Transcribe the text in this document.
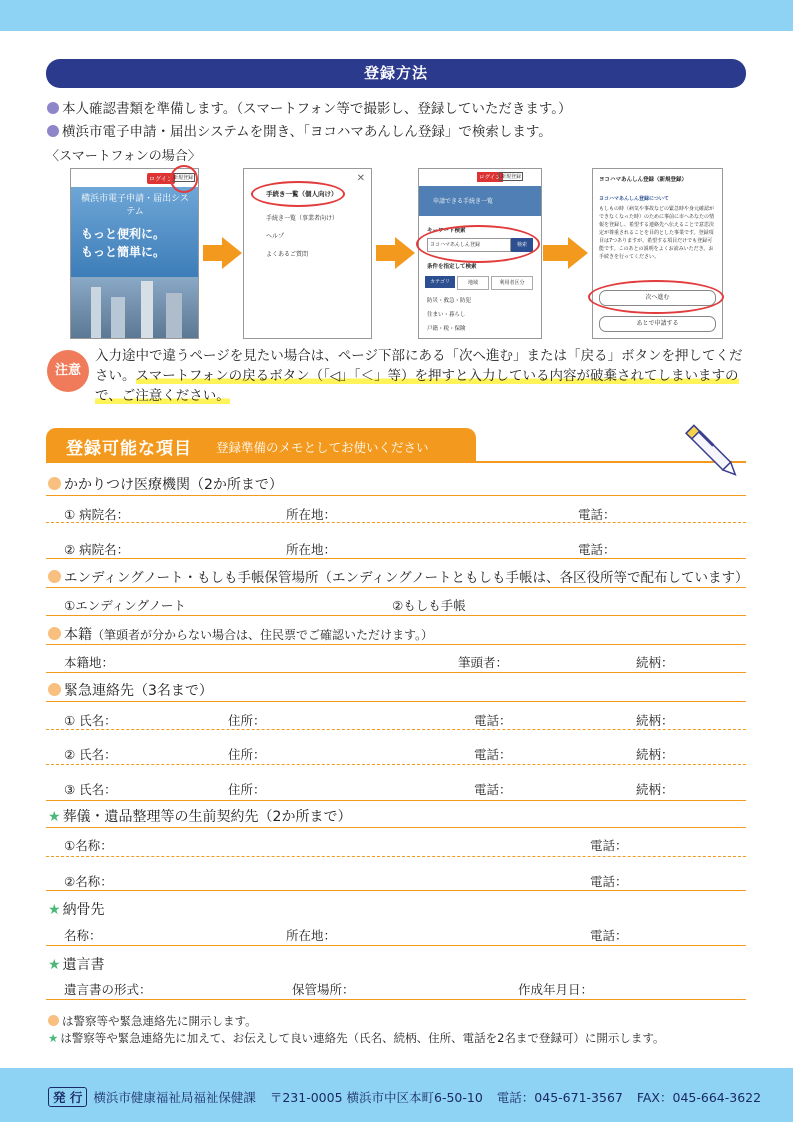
登録方法
本人確認書類を準備します。（スマートフォン等で撮影し、登録していただきます。）
横浜市電子申請・届出システムを開き、「ヨコハマあんしん登録」で検索します。
〈スマートフォンの場合〉
ログイン 新規登録
横浜市電子申請・届出システム
もっと便利に。
もっと簡単に。
✕
手続き一覧（個人向け）
手続き一覧（事業者向け）
ヘルプ
よくあるご質問
ログイン 新規登録
申請できる手続き一覧
キーワード検索
ヨコハマあんしん登録	検索
条件を指定して検索
カテゴリ	地域	利用者区分
防災・救急・防犯
住まい・暮らし
戸籍・税・保険
ヨコハマあんしん登録（新規登録）
ヨコハマあんしん登録について
もしもの時（病気や事故などの緊急時や身元確認ができなくなった時）のために事前に市へあなたの情報を登録し、希望する連絡先へ伝えることで意思決定が尊重されることを目的とした事業です。登録項目は7つありますが、希望する項目だけでも登録可能です。このあとの説明をよくお読みいただき、お手続きを行ってください。
次へ進む
あとで申請する
注意
入力途中で違うページを見たい場合は、ページ下部にある「次へ進む」または「戻る」ボタンを押してください。スマートフォンの戻るボタン（「◁」「＜」等）を押すと入力している内容が破棄されてしまいますので、ご注意ください。
登録可能な項目 登録準備のメモとしてお使いください
かかりつけ医療機関（2か所まで）
① 病院名：	所在地：	電話：
② 病院名：	所在地：	電話：
エンディングノート・もしも手帳保管場所（エンディングノートともしも手帳は、各区役所等で配布しています）
①エンディングノート	②もしも手帳
本籍（筆頭者が分からない場合は、住民票でご確認いただけます。）
本籍地：	筆頭者：	続柄：
緊急連絡先（3名まで）
① 氏名：	住所：	電話：	続柄：
② 氏名：	住所：	電話：	続柄：
③ 氏名：	住所：	電話：	続柄：
★ 葬儀・遺品整理等の生前契約先（2か所まで）
①名称：	電話：
②名称：	電話：
★ 納骨先
名称：	所在地：	電話：
★ 遺言書
遺言書の形式：	保管場所：	作成年月日：
は警察等や緊急連絡先に開示します。
★ は警察等や緊急連絡先に加えて、お伝えして良い連絡先（氏名、続柄、住所、電話を2名まで登録可）に開示します。
発 行 横浜市健康福祉局福祉保健課 〒231-0005 横浜市中区本町6-50-10 電話：045-671-3567 FAX：045-664-3622
